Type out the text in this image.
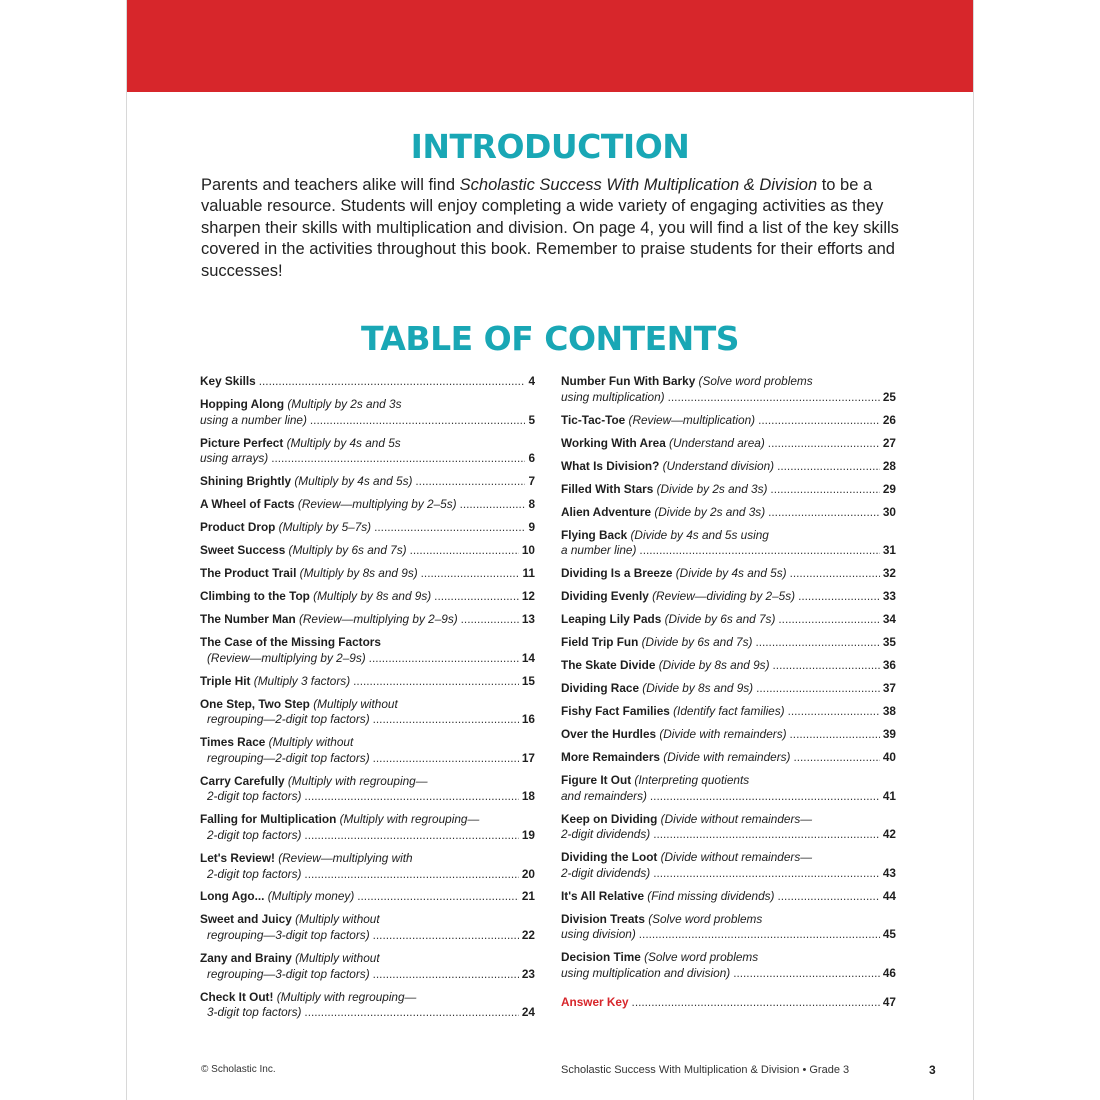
INTRODUCTION

Parents and teachers alike will find Scholastic Success With Multiplication & Division to be a valuable resource. Students will enjoy completing a wide variety of engaging activities as they sharpen their skills with multiplication and division. On page 4, you will find a list of the key skills covered in the activities throughout this book. Remember to praise students for their efforts and successes!

TABLE OF CONTENTS
Key Skills .....	4
Hopping Along
(Multiply by 2s and 3s
using a number line) .....	5
Picture Perfect
(Multiply by 4s and 5s
using arrays) .....	6
Shining Brightly
(Multiply by 4s and 5s) .....	7
A Wheel of Facts
(Review—multiplying by 2–5s) .....	8
Product Drop
(Multiply by 5–7s) .....	9
Sweet Success
(Multiply by 6s and 7s) .....	10
The Product Trail
(Multiply by 8s and 9s) .....	11
Climbing to the Top
(Multiply by 8s and 9s) .....	12
The Number Man
(Review—multiplying by 2–9s) .....	13
The Case of the Missing Factors
(Review—multiplying by 2–9s) .....	14
Triple Hit
(Multiply 3 factors) .....	15
One Step, Two Step
(Multiply without
regrouping—2-digit top factors) .....	16
Times Race
(Multiply without
regrouping—2-digit top factors) .....	17
Carry Carefully
(Multiply with regrouping—
2-digit top factors) .....	18
Falling for Multiplication
(Multiply with regrouping—
2-digit top factors) .....	19
Let's Review!
(Review—multiplying with
2-digit top factors) .....	20
Long Ago...
(Multiply money) .....	21
Sweet and Juicy
(Multiply without
regrouping—3-digit top factors) .....	22
Zany and Brainy
(Multiply without
regrouping—3-digit top factors) .....	23
Check It Out!
(Multiply with regrouping—
3-digit top factors) .....	24
Number Fun With Barky
(Solve word problems
using multiplication) .....	25
Tic-Tac-Toe
(Review—multiplication) .....	26
Working With Area
(Understand area) .....	27
What Is Division?
(Understand division) .....	28
Filled With Stars
(Divide by 2s and 3s) .....	29
Alien Adventure
(Divide by 2s and 3s) .....	30
Flying Back
(Divide by 4s and 5s using
a number line) .....	31
Dividing Is a Breeze
(Divide by 4s and 5s) .....	32
Dividing Evenly
(Review—dividing by 2–5s) .....	33
Leaping Lily Pads
(Divide by 6s and 7s) .....	34
Field Trip Fun
(Divide by 6s and 7s) .....	35
The Skate Divide
(Divide by 8s and 9s) .....	36
Dividing Race
(Divide by 8s and 9s) .....	37
Fishy Fact Families
(Identify fact families) .....	38
Over the Hurdles
(Divide with remainders) .....	39
More Remainders
(Divide with remainders) .....	40
Figure It Out
(Interpreting quotients
and remainders) .....	41
Keep on Dividing
(Divide without remainders—
2-digit dividends) .....	42
Dividing the Loot
(Divide without remainders—
2-digit dividends) .....	43
It's All Relative
(Find missing dividends) .....	44
Division Treats
(Solve word problems
using division) .....	45
Decision Time
(Solve word problems
using multiplication and division) .....	46
Answer Key .....	47
© Scholastic Inc.	Scholastic Success With Multiplication & Division • Grade 3	3
